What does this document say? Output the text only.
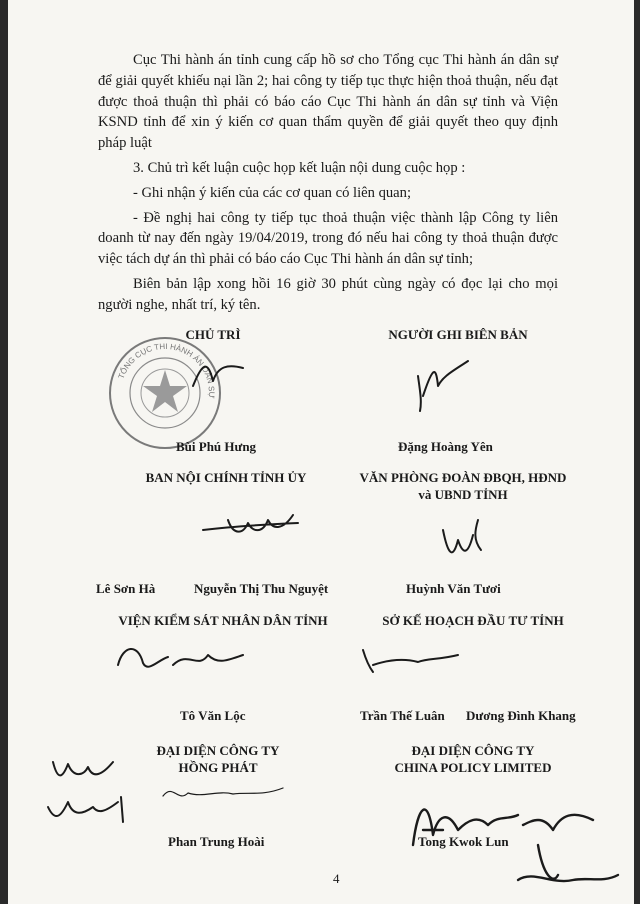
Cục Thi hành án tỉnh cung cấp hồ sơ cho Tổng cục Thi hành án dân sự để giải quyết khiếu nại lần 2; hai công ty tiếp tục thực hiện thoả thuận, nếu đạt được thoả thuận thì phải có báo cáo Cục Thi hành án dân sự tỉnh và Viện KSND tỉnh để xin ý kiến cơ quan thẩm quyền để giải quyết theo quy định pháp luật

3. Chủ trì kết luận cuộc họp kết luận nội dung cuộc họp :

- Ghi nhận ý kiến của các cơ quan có liên quan;

- Đề nghị hai công ty tiếp tục thoả thuận việc thành lập Công ty liên doanh từ nay đến ngày 19/04/2019, trong đó nếu hai công ty thoả thuận được việc tách dự án thì phải có báo cáo Cục Thi hành án dân sự tỉnh;

Biên bản lập xong hồi 16 giờ 30 phút cùng ngày có đọc lại cho mọi người nghe, nhất trí, ký tên.

CHỦ TRÌ	NGƯỜI GHI BIÊN BẢN
TỔNG CỤC THI HÀNH ÁN DÂN SỰ
Bùi Phú Hưng	Đặng Hoàng Yên
BAN NỘI CHÍNH TỈNH ỦY	VĂN PHÒNG ĐOÀN ĐBQH, HĐND
và UBND TỈNH
Lê Sơn Hà	Nguyễn Thị Thu Nguyệt	Huỳnh Văn Tươi
VIỆN KIỂM SÁT NHÂN DÂN TỈNH	SỞ KẾ HOẠCH ĐẦU TƯ TỈNH
Tô Văn Lộc	Trần Thế Luân Dương Đình Khang
ĐẠI DIỆN CÔNG TY
HỒNG PHÁT
ĐẠI DIỆN CÔNG TY
CHINA POLICY LIMITED
Phan Trung Hoài	Tong Kwok Lun
4
